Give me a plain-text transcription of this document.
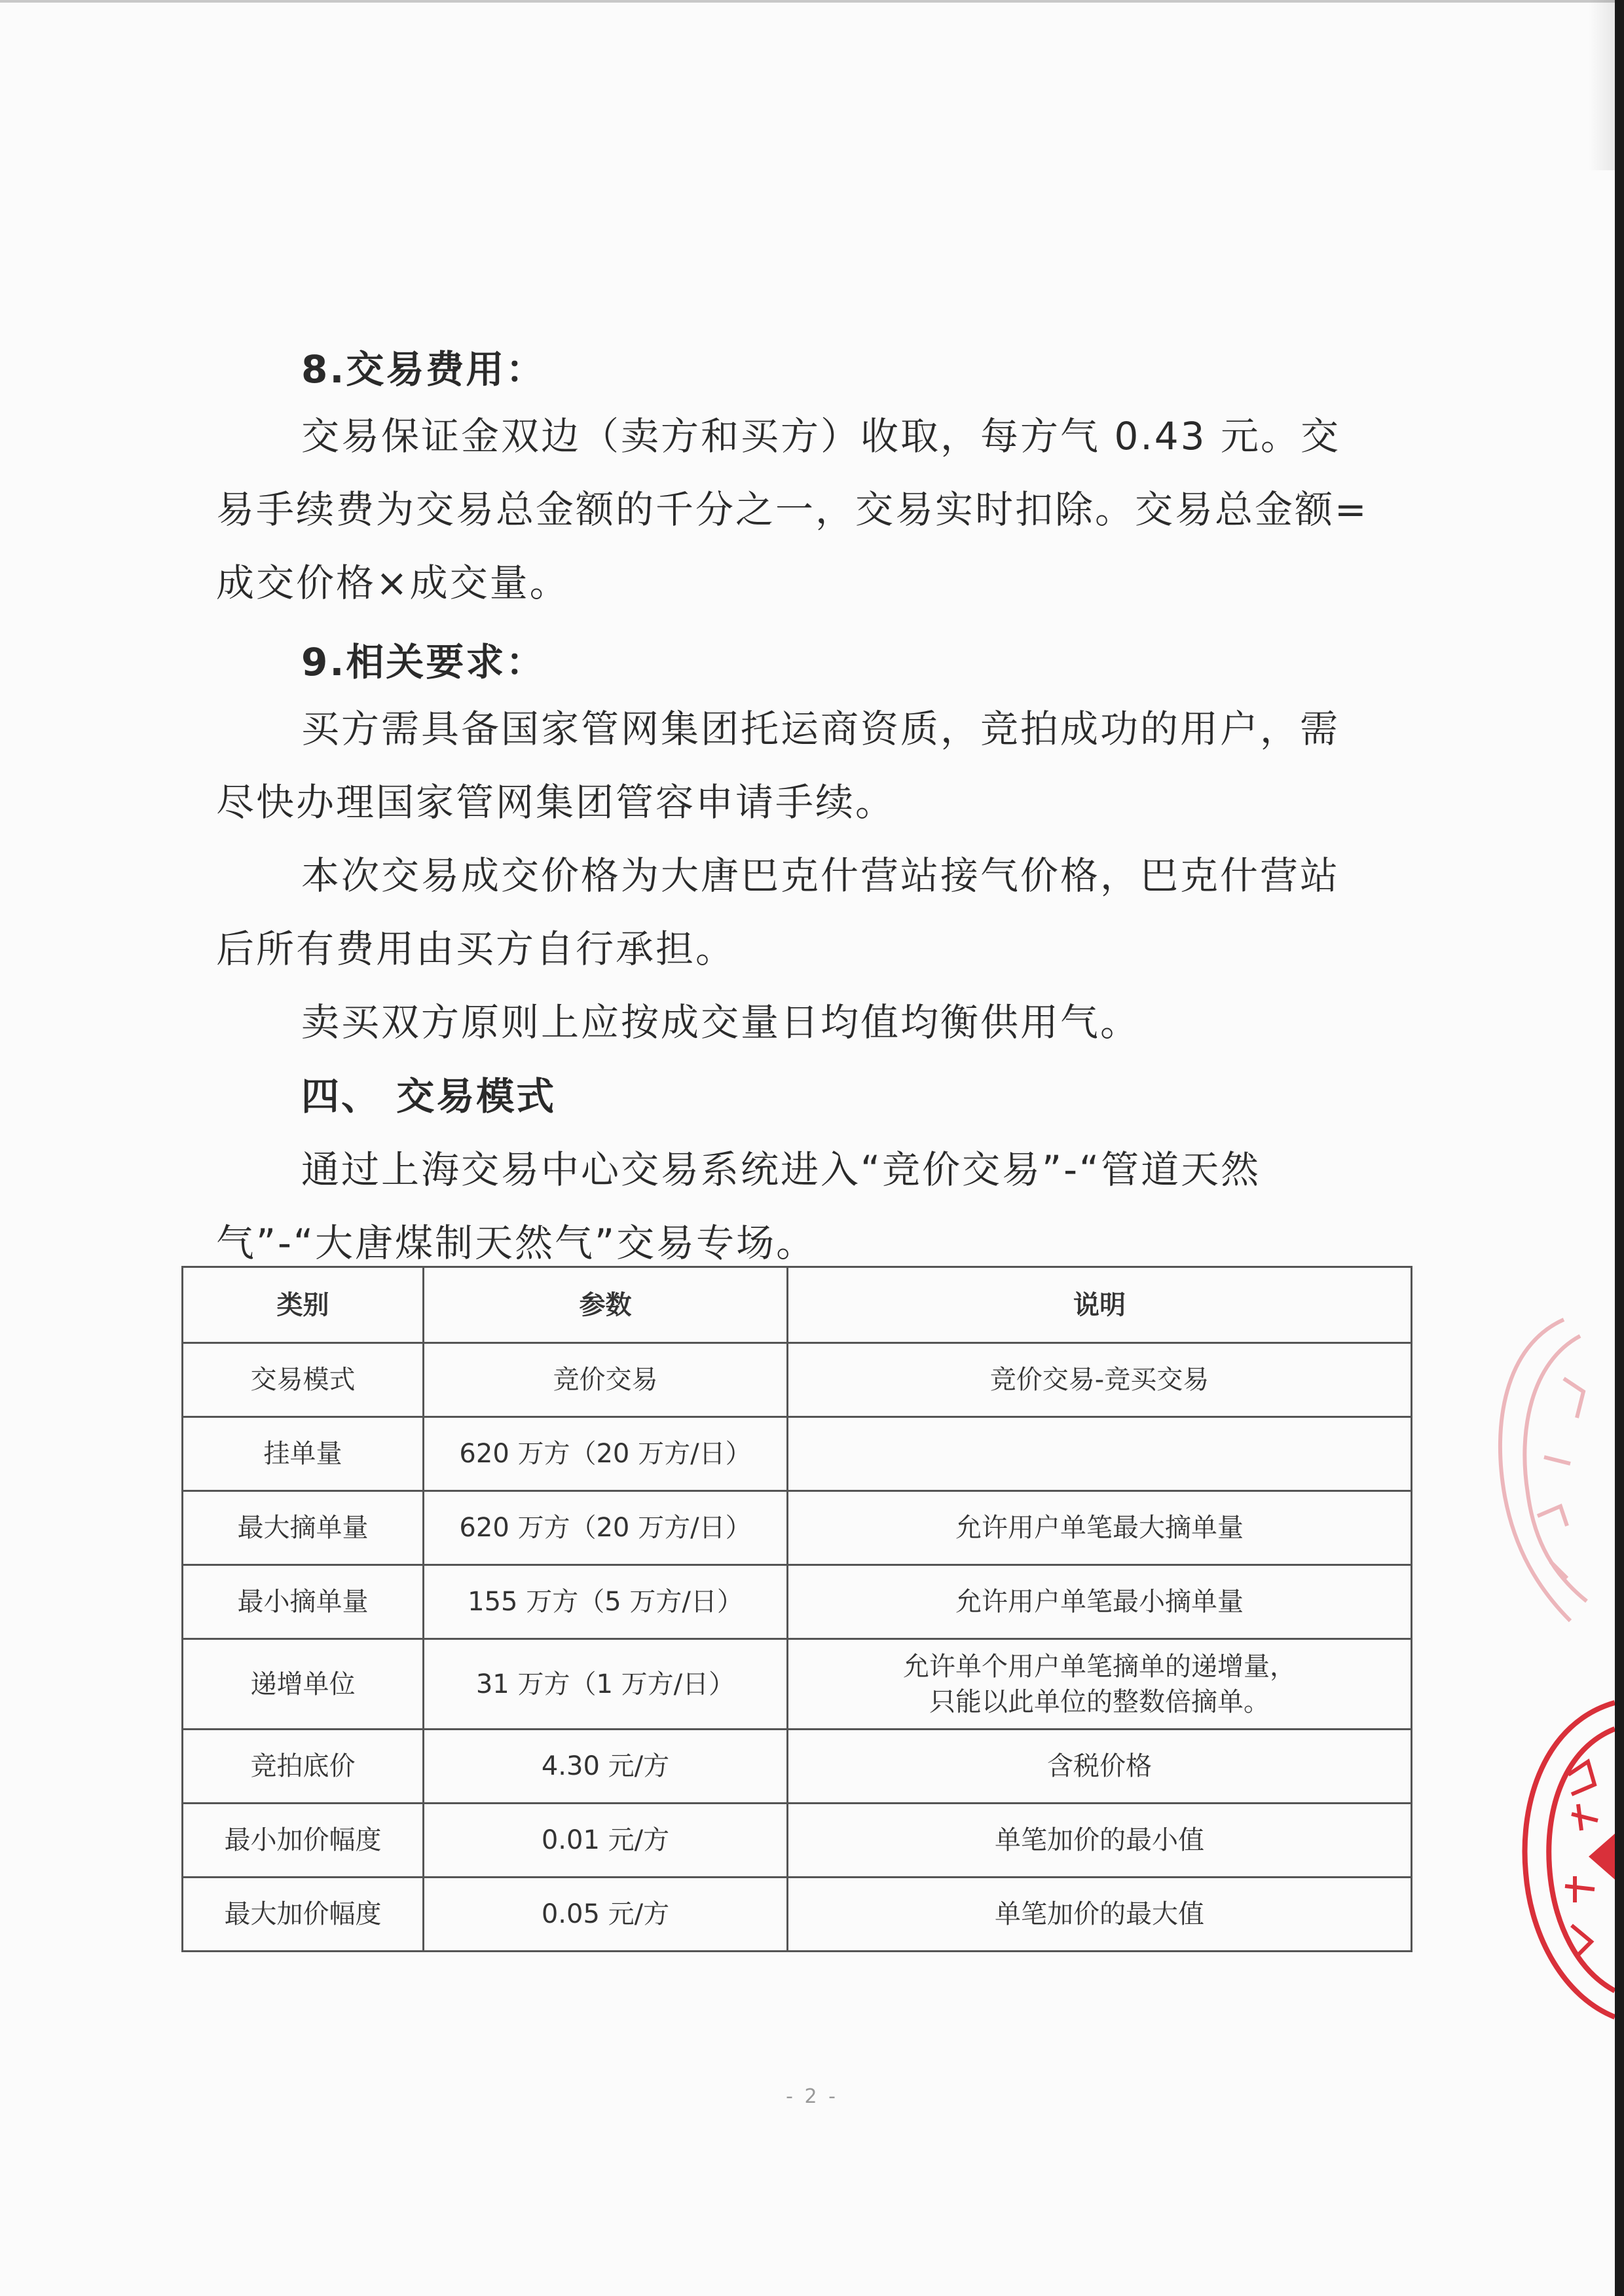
8.交易费用：

交易保证金双边（卖方和买方）收取，每方气 0.43 元。交易手续费为交易总金额的千分之一，交易实时扣除。交易总金额=成交价格×成交量。

9.相关要求：

买方需具备国家管网集团托运商资质，竞拍成功的用户，需尽快办理国家管网集团管容申请手续。

本次交易成交价格为大唐巴克什营站接气价格，巴克什营站后所有费用由买方自行承担。

卖买双方原则上应按成交量日均值均衡供用气。

四、 交易模式

通过上海交易中心交易系统进入“竞价交易”-“管道天然气”-“大唐煤制天然气”交易专场。

类别	参数	说明
交易模式	竞价交易	竞价交易-竞买交易
挂单量	620 万方（20 万方/日）	
最大摘单量	620 万方（20 万方/日）	允许用户单笔最大摘单量
最小摘单量	155 万方（5 万方/日）	允许用户单笔最小摘单量
递增单位	31 万方（1 万方/日）	允许单个用户单笔摘单的递增量，
只能以此单位的整数倍摘单。

竞拍底价	4.30 元/方	含税价格
最小加价幅度	0.01 元/方	单笔加价的最小值
最大加价幅度	0.05 元/方	单笔加价的最大值
- 2 -
